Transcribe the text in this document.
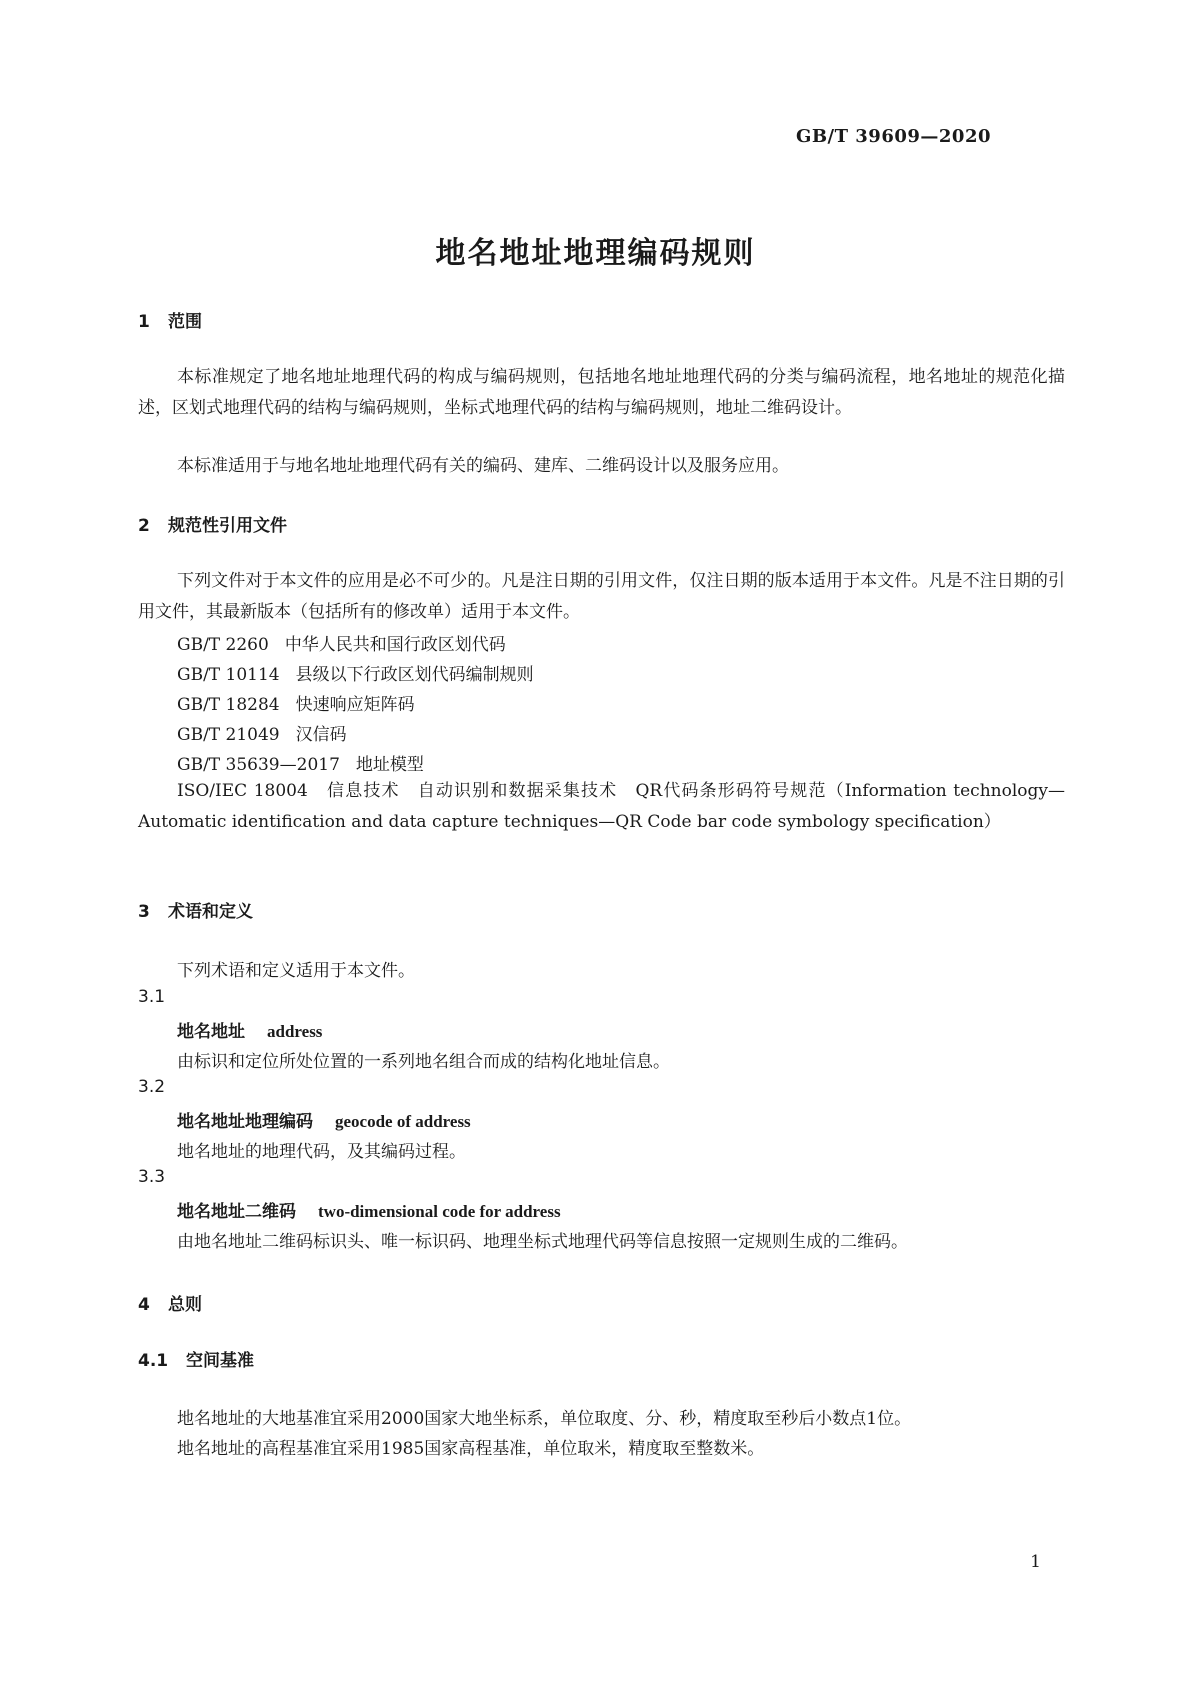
GB/T 39609—2020
地名地址地理编码规则
1 范围
本标准规定了地名地址地理代码的构成与编码规则，包括地名地址地理代码的分类与编码流程，地名地址的规范化描述，区划式地理代码的结构与编码规则，坐标式地理代码的结构与编码规则，地址二维码设计。
本标准适用于与地名地址地理代码有关的编码、建库、二维码设计以及服务应用。
2 规范性引用文件
下列文件对于本文件的应用是必不可少的。凡是注日期的引用文件，仅注日期的版本适用于本文件。凡是不注日期的引用文件，其最新版本（包括所有的修改单）适用于本文件。
GB/T 2260 中华人民共和国行政区划代码
GB/T 10114 县级以下行政区划代码编制规则
GB/T 18284 快速响应矩阵码
GB/T 21049 汉信码
GB/T 35639—2017 地址模型
ISO/IEC 18004　信息技术　自动识别和数据采集技术　QR代码条形码符号规范（Information technology—Automatic identification and data capture techniques—QR Code bar code symbology specification）
3 术语和定义
下列术语和定义适用于本文件。
3.1
地名地址 address
由标识和定位所处位置的一系列地名组合而成的结构化地址信息。
3.2
地名地址地理编码 geocode of address
地名地址的地理代码，及其编码过程。
3.3
地名地址二维码 two-dimensional code for address
由地名地址二维码标识头、唯一标识码、地理坐标式地理代码等信息按照一定规则生成的二维码。
4 总则
4.1 空间基准
地名地址的大地基准宜采用2000国家大地坐标系，单位取度、分、秒，精度取至秒后小数点1位。
地名地址的高程基准宜采用1985国家高程基准，单位取米，精度取至整数米。
1
